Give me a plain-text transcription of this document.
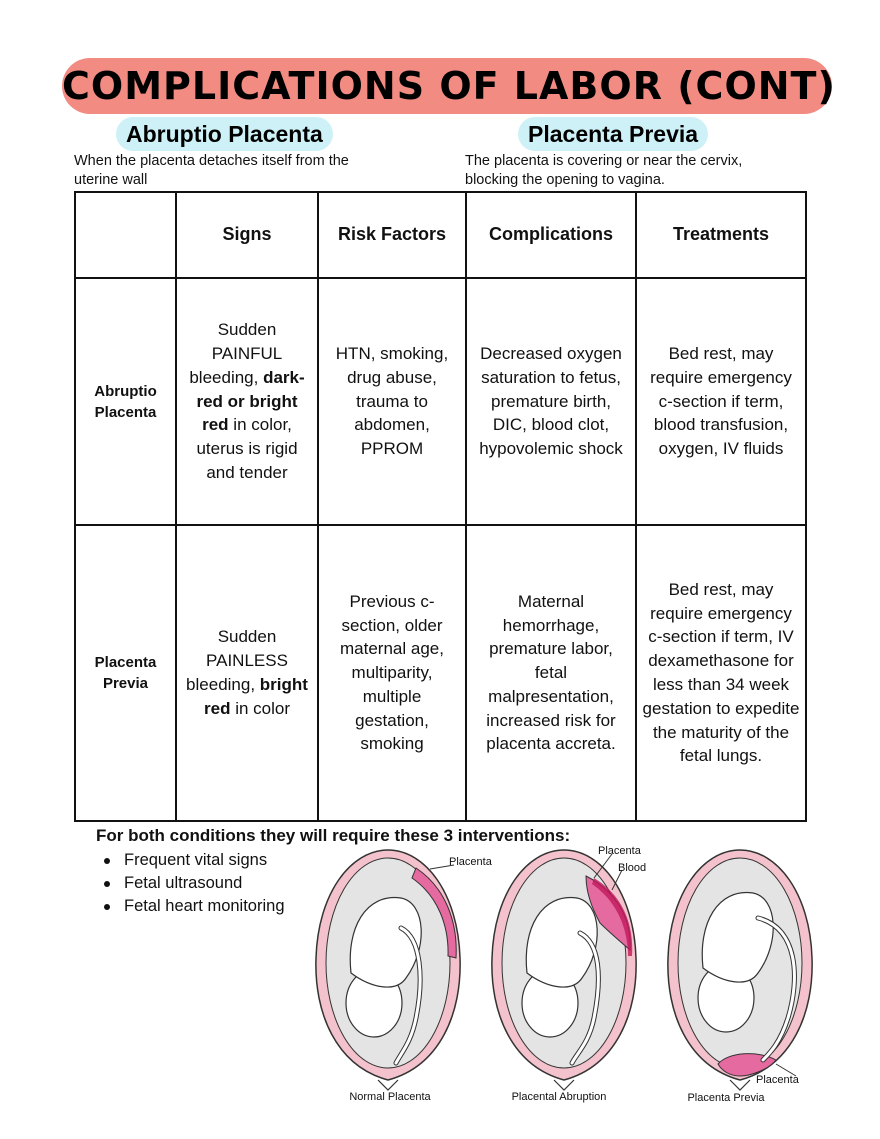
COMPLICATIONS OF LABOR (CONT)
Abruptio Placenta	Placenta Previa
When the placenta detaches itself from the
uterine wall
The placenta is covering or near the cervix,
blocking the opening to vagina.
	Signs	Risk Factors	Complications	Treatments
Abruptio
Placenta	Sudden PAINFUL bleeding, dark- red or bright red in color, uterus is rigid and tender	HTN, smoking, drug abuse, trauma to abdomen, PPROM	Decreased oxygen saturation to fetus, premature birth, DIC, blood clot, hypovolemic shock	Bed rest, may require emergency c-section if term, blood transfusion, oxygen, IV fluids
Placenta
Previa	Sudden PAINLESS bleeding, bright red in color	Previous c-section, older maternal age, multiparity, multiple gestation, smoking	Maternal hemorrhage, premature labor, fetal malpresentation, increased risk for placenta accreta.	Bed rest, may require emergency c-section if term, IV dexamethasone for less than 34 week gestation to expedite the maturity of the fetal lungs.
For both conditions they will require these 3 interventions:
Frequent vital signs
Fetal ultrasound
Fetal heart monitoring
Placenta
Placenta
Blood
Placenta
Normal Placenta	Placental Abruption	Placenta Previa
